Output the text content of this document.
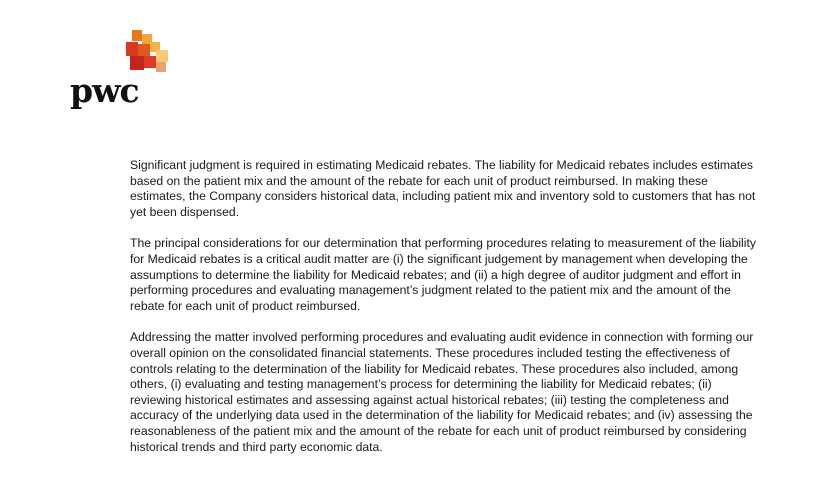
pwc

Significant judgment is required in estimating Medicaid rebates. The liability for Medicaid rebates includes estimates based on the patient mix and the amount of the rebate for each unit of product reimbursed. In making these estimates, the Company considers historical data, including patient mix and inventory sold to customers that has not yet been dispensed.

The principal considerations for our determination that performing procedures relating to measurement of the liability for Medicaid rebates is a critical audit matter are (i) the significant judgement by management when developing the assumptions to determine the liability for Medicaid rebates; and (ii) a high degree of auditor judgment and effort in performing procedures and evaluating management’s judgment related to the patient mix and the amount of the rebate for each unit of product reimbursed.

Addressing the matter involved performing procedures and evaluating audit evidence in connection with forming our overall opinion on the consolidated financial statements. These procedures included testing the effectiveness of controls relating to the determination of the liability for Medicaid rebates. These procedures also included, among others, (i) evaluating and testing management’s process for determining the liability for Medicaid rebates; (ii) reviewing historical estimates and assessing against actual historical rebates; (iii) testing the completeness and accuracy of the underlying data used in the determination of the liability for Medicaid rebates; and (iv) assessing the reasonableness of the patient mix and the amount of the rebate for each unit of product reimbursed by considering historical trends and third party economic data.
